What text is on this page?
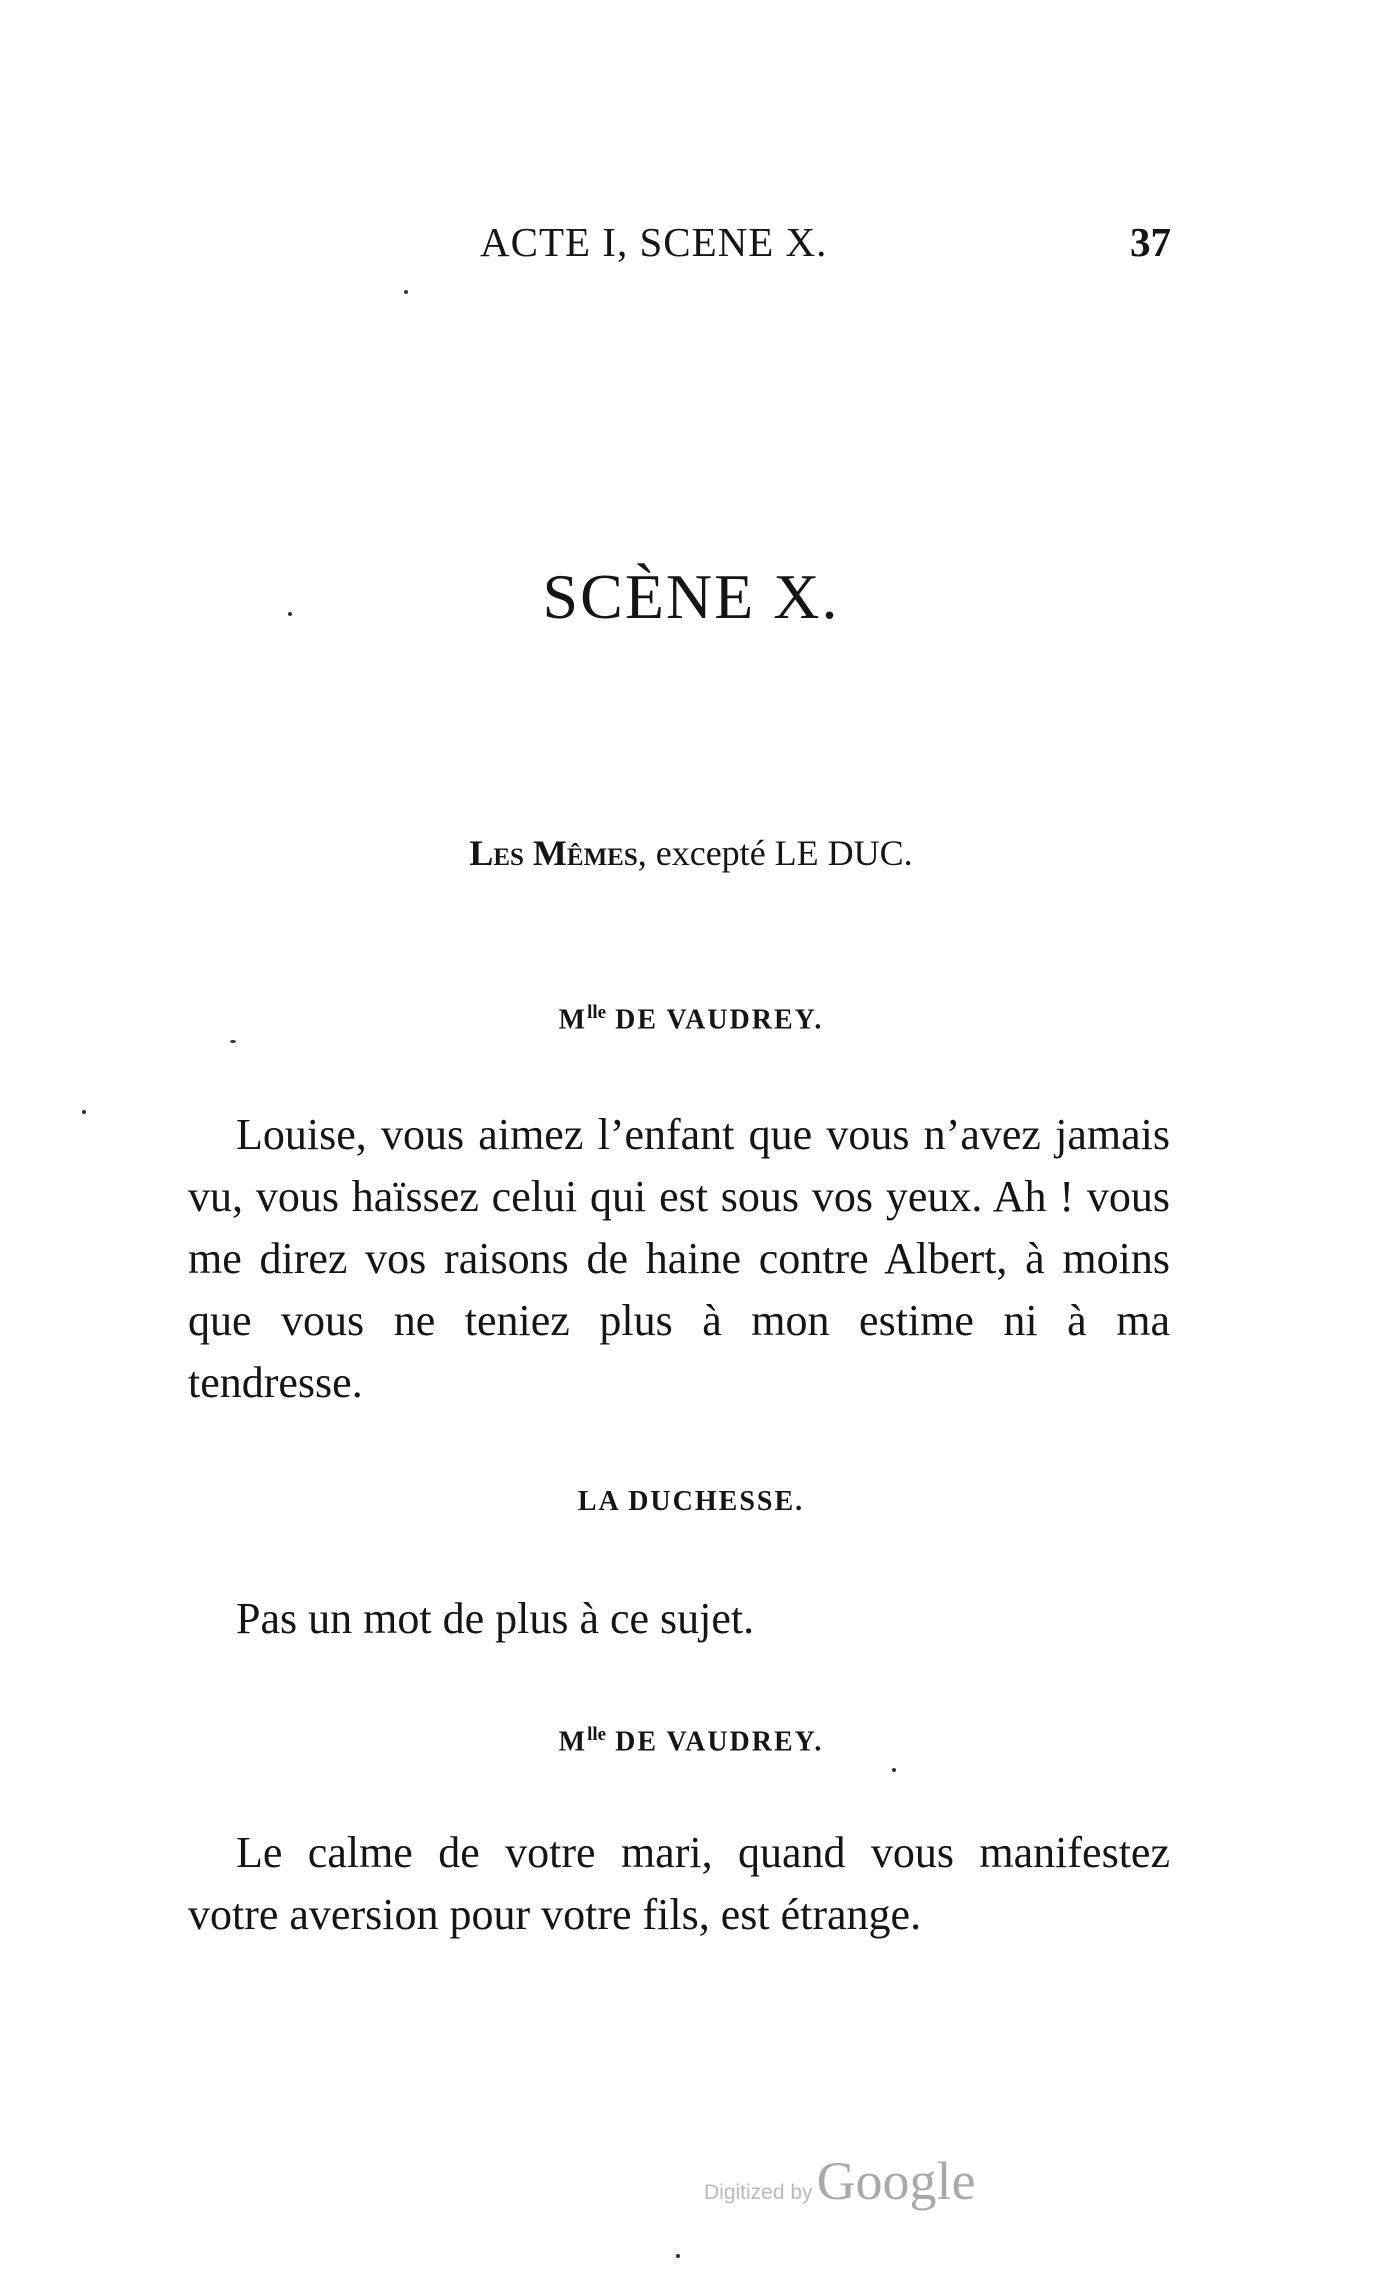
ACTE I, SCENE X.	37
SCÈNE X.
Les Mêmes, excepté LE DUC.
$M^{lle}$ DE VAUDREY.
Louise, vous aimez l’enfant que vous n’avez jamais vu, vous haïssez celui qui est sous vos yeux. Ah ! vous me direz vos raisons de haine contre Albert, à moins que vous ne teniez plus à mon estime ni à ma tendresse.
LA DUCHESSE.
Pas un mot de plus à ce sujet.
$M^{lle}$ DE VAUDREY.
Le calme de votre mari, quand vous manifestez votre aversion pour votre fils, est étrange.
Digitized byGoogle
